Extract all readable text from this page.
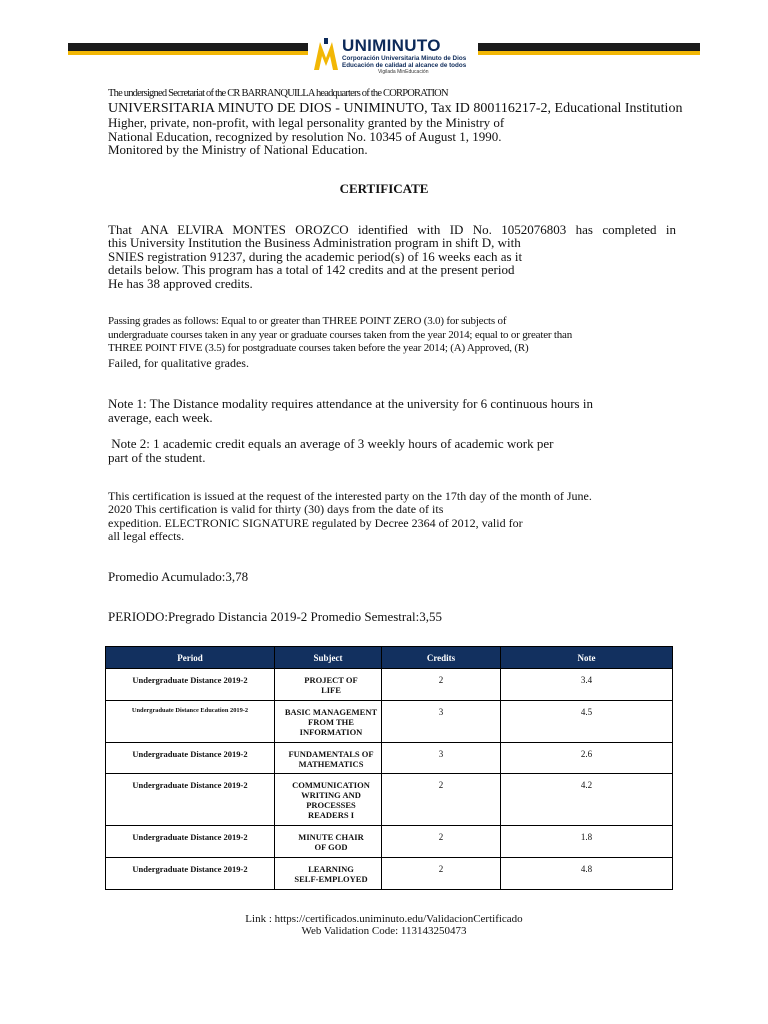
UNIMINUTO
Corporación Universitaria Minuto de Dios
Educación de calidad al alcance de todos
Vigilada MinEducación
The undersigned Secretariat of the CR BARRANQUILLA headquarters of the CORPORATION
UNIVERSITARIA MINUTO DE DIOS - UNIMINUTO, Tax ID 800116217-2, Educational Institution
Higher, private, non-profit, with legal personality granted by the Ministry of
National Education, recognized by resolution No. 10345 of August 1, 1990.
Monitored by the Ministry of National Education.
CERTIFICATE
That ANA ELVIRA MONTES OROZCO identified with ID No. 1052076803 has completed in
this University Institution the Business Administration program in shift D, with
SNIES registration 91237, during the academic period(s) of 16 weeks each as it
details below. This program has a total of 142 credits and at the present period
He has 38 approved credits.
Passing grades as follows: Equal to or greater than THREE POINT ZERO (3.0) for subjects of
undergraduate courses taken in any year or graduate courses taken from the year 2014; equal to or greater than
THREE POINT FIVE (3.5) for postgraduate courses taken before the year 2014; (A) Approved, (R)
Failed, for qualitative grades.
Note 1: The Distance modality requires attendance at the university for 6 continuous hours in
average, each week.
Note 2: 1 academic credit equals an average of 3 weekly hours of academic work per
part of the student.
This certification is issued at the request of the interested party on the 17th day of the month of June.
2020 This certification is valid for thirty (30) days from the date of its
expedition. ELECTRONIC SIGNATURE regulated by Decree 2364 of 2012, valid for
all legal effects.
Promedio Acumulado:3,78
PERIODO:Pregrado Distancia 2019-2 Promedio Semestral:3,55
Period	Subject	Credits	Note
Undergraduate Distance 2019-2	PROJECT OF
LIFE	2	3.4
Undergraduate Distance Education 2019-2	BASIC MANAGEMENT
FROM THE
INFORMATION	3	4.5
Undergraduate Distance 2019-2	FUNDAMENTALS OF
MATHEMATICS	3	2.6
Undergraduate Distance 2019-2	COMMUNICATION
WRITING AND
PROCESSES
READERS I	2	4.2
Undergraduate Distance 2019-2	MINUTE CHAIR
OF GOD	2	1.8
Undergraduate Distance 2019-2	LEARNING
SELF-EMPLOYED	2	4.8
Link : https://certificados.uniminuto.edu/ValidacionCertificado
Web Validation Code: 113143250473
